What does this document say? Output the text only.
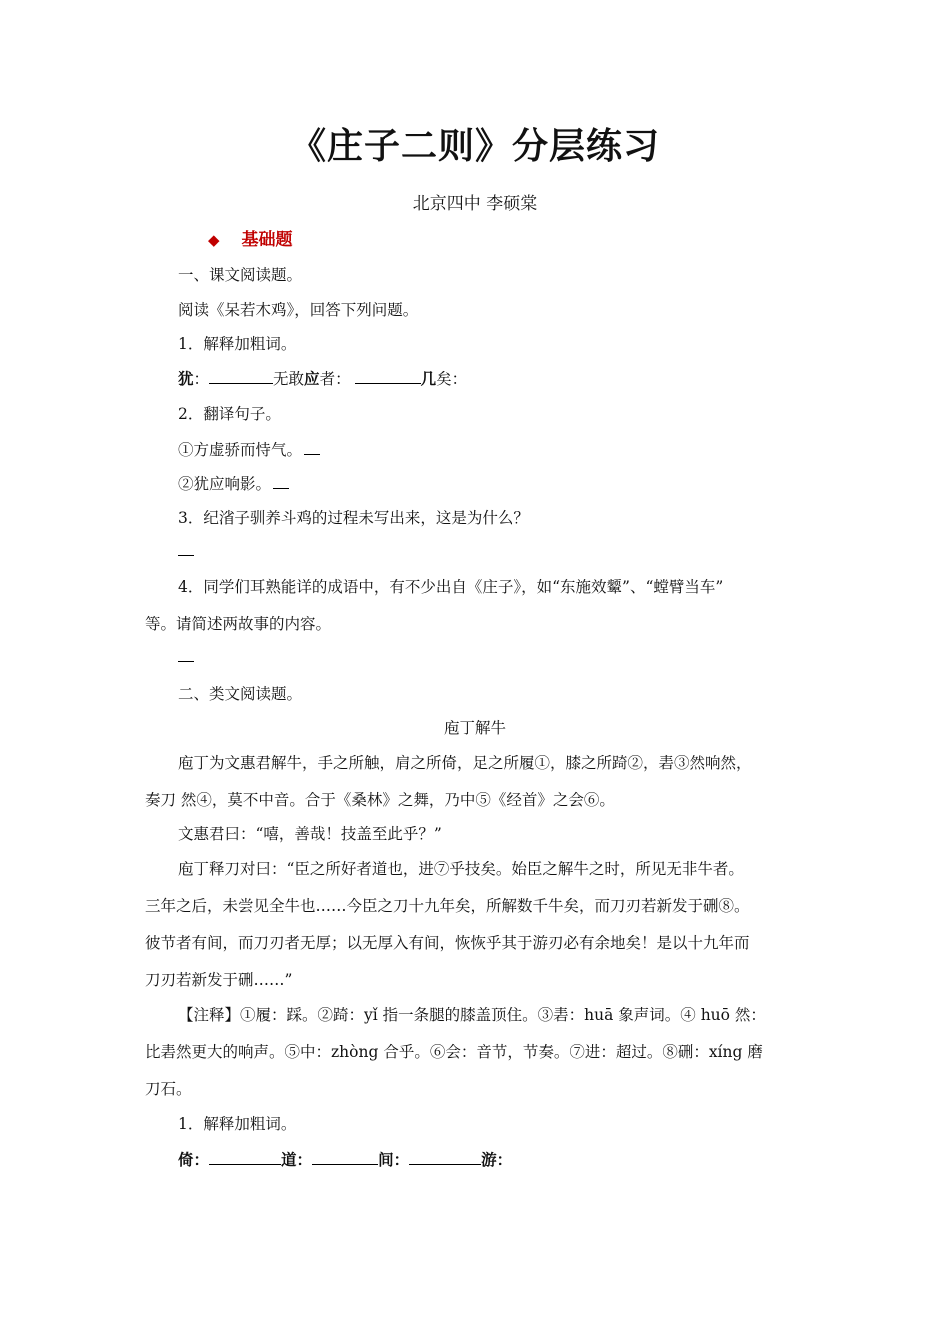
《庄子二则》分层练习
北京四中 李硕棠
◆ 基础题
一、课文阅读题。
阅读《呆若木鸡》，回答下列问题。
1．解释加粗词。
犹：	无敢应者：	几矣：
2．翻译句子。
①方虚骄而恃气。
②犹应响影。
3．纪渻子驯养斗鸡的过程未写出来，这是为什么？
4．同学们耳熟能详的成语中，有不少出自《庄子》，如“东施效颦”、“螳臂当车”
等。请简述两故事的内容。
二、类文阅读题。
庖丁解牛
庖丁为文惠君解牛，手之所触，肩之所倚，足之所履①，膝之所踦②，砉③然响然，
奏刀 然④，莫不中音。合于《桑林》之舞，乃中⑤《经首》之会⑥。
文惠君曰：“嘻，善哉！技盖至此乎？”
庖丁释刀对曰：“臣之所好者道也，进⑦乎技矣。始臣之解牛之时，所见无非牛者。
三年之后，未尝见全牛也……今臣之刀十九年矣，所解数千牛矣，而刀刃若新发于硎⑧。
彼节者有间，而刀刃者无厚；以无厚入有间，恢恢乎其于游刃必有余地矣！是以十九年而
刀刃若新发于硎……”
【注释】①履：踩。②踦：yǐ 指一条腿的膝盖顶住。③砉：huā 象声词。④ huō 然：
比砉然更大的响声。⑤中：zhòng 合乎。⑥会：音节，节奏。⑦进：超过。⑧硎：xíng 磨
刀石。
1．解释加粗词。
倚：	道：	间：	游：
